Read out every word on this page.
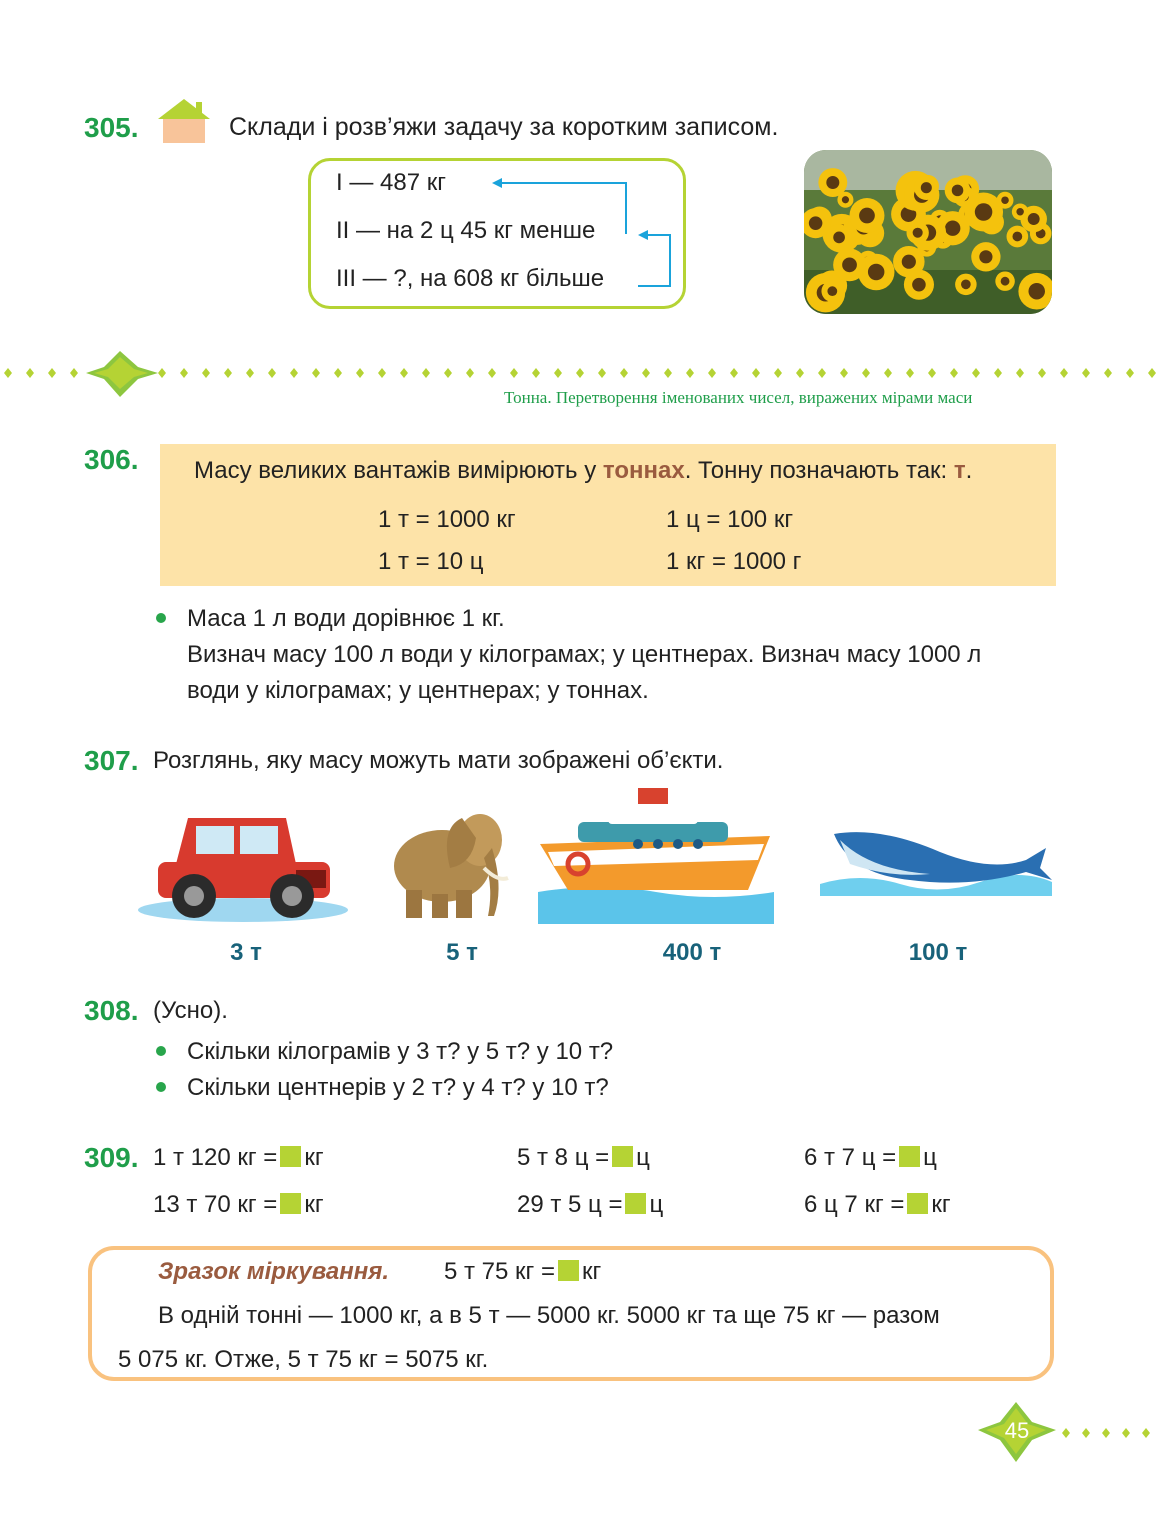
305.	Склади і розв’яжи задачу за коротким записом.
I — 487 кг
II — на 2 ц 45 кг менше
III — ?, на 608 кг більше
Тонна. Перетворення іменованих чисел, виражених мірами маси
306. Масу великих вантажів вимірюють у тоннах. Тонну позначають так: т.
1 т = 1000 кг	1 ц = 100 кг
1 т = 10 ц	1 кг = 1000 г
Маса 1 л води дорівнює 1 кг.
Визнач масу 100 л води у кілограмах; у центнерах. Визнач масу 1000 л
води у кілограмах; у центнерах; у тоннах.
307. Розглянь, яку масу можуть мати зображені об’єкти.
3 т	5 т	400 т	100 т
308. (Усно).
Скільки кілограмів у 3 т? у 5 т? у 10 т?
Скільки центнерів у 2 т? у 4 т? у 10 т?
309. 1 т 120 кг = кг	5 т 8 ц = ц	6 т 7 ц = ц
13 т 70 кг = кг	29 т 5 ц = ц	6 ц 7 кг = кг
Зразок міркування. 5 т 75 кг = кг
В одній тонні — 1000 кг, а в 5 т — 5000 кг. 5000 кг та ще 75 кг — разом
5 075 кг. Отже, 5 т 75 кг = 5075 кг.
45
